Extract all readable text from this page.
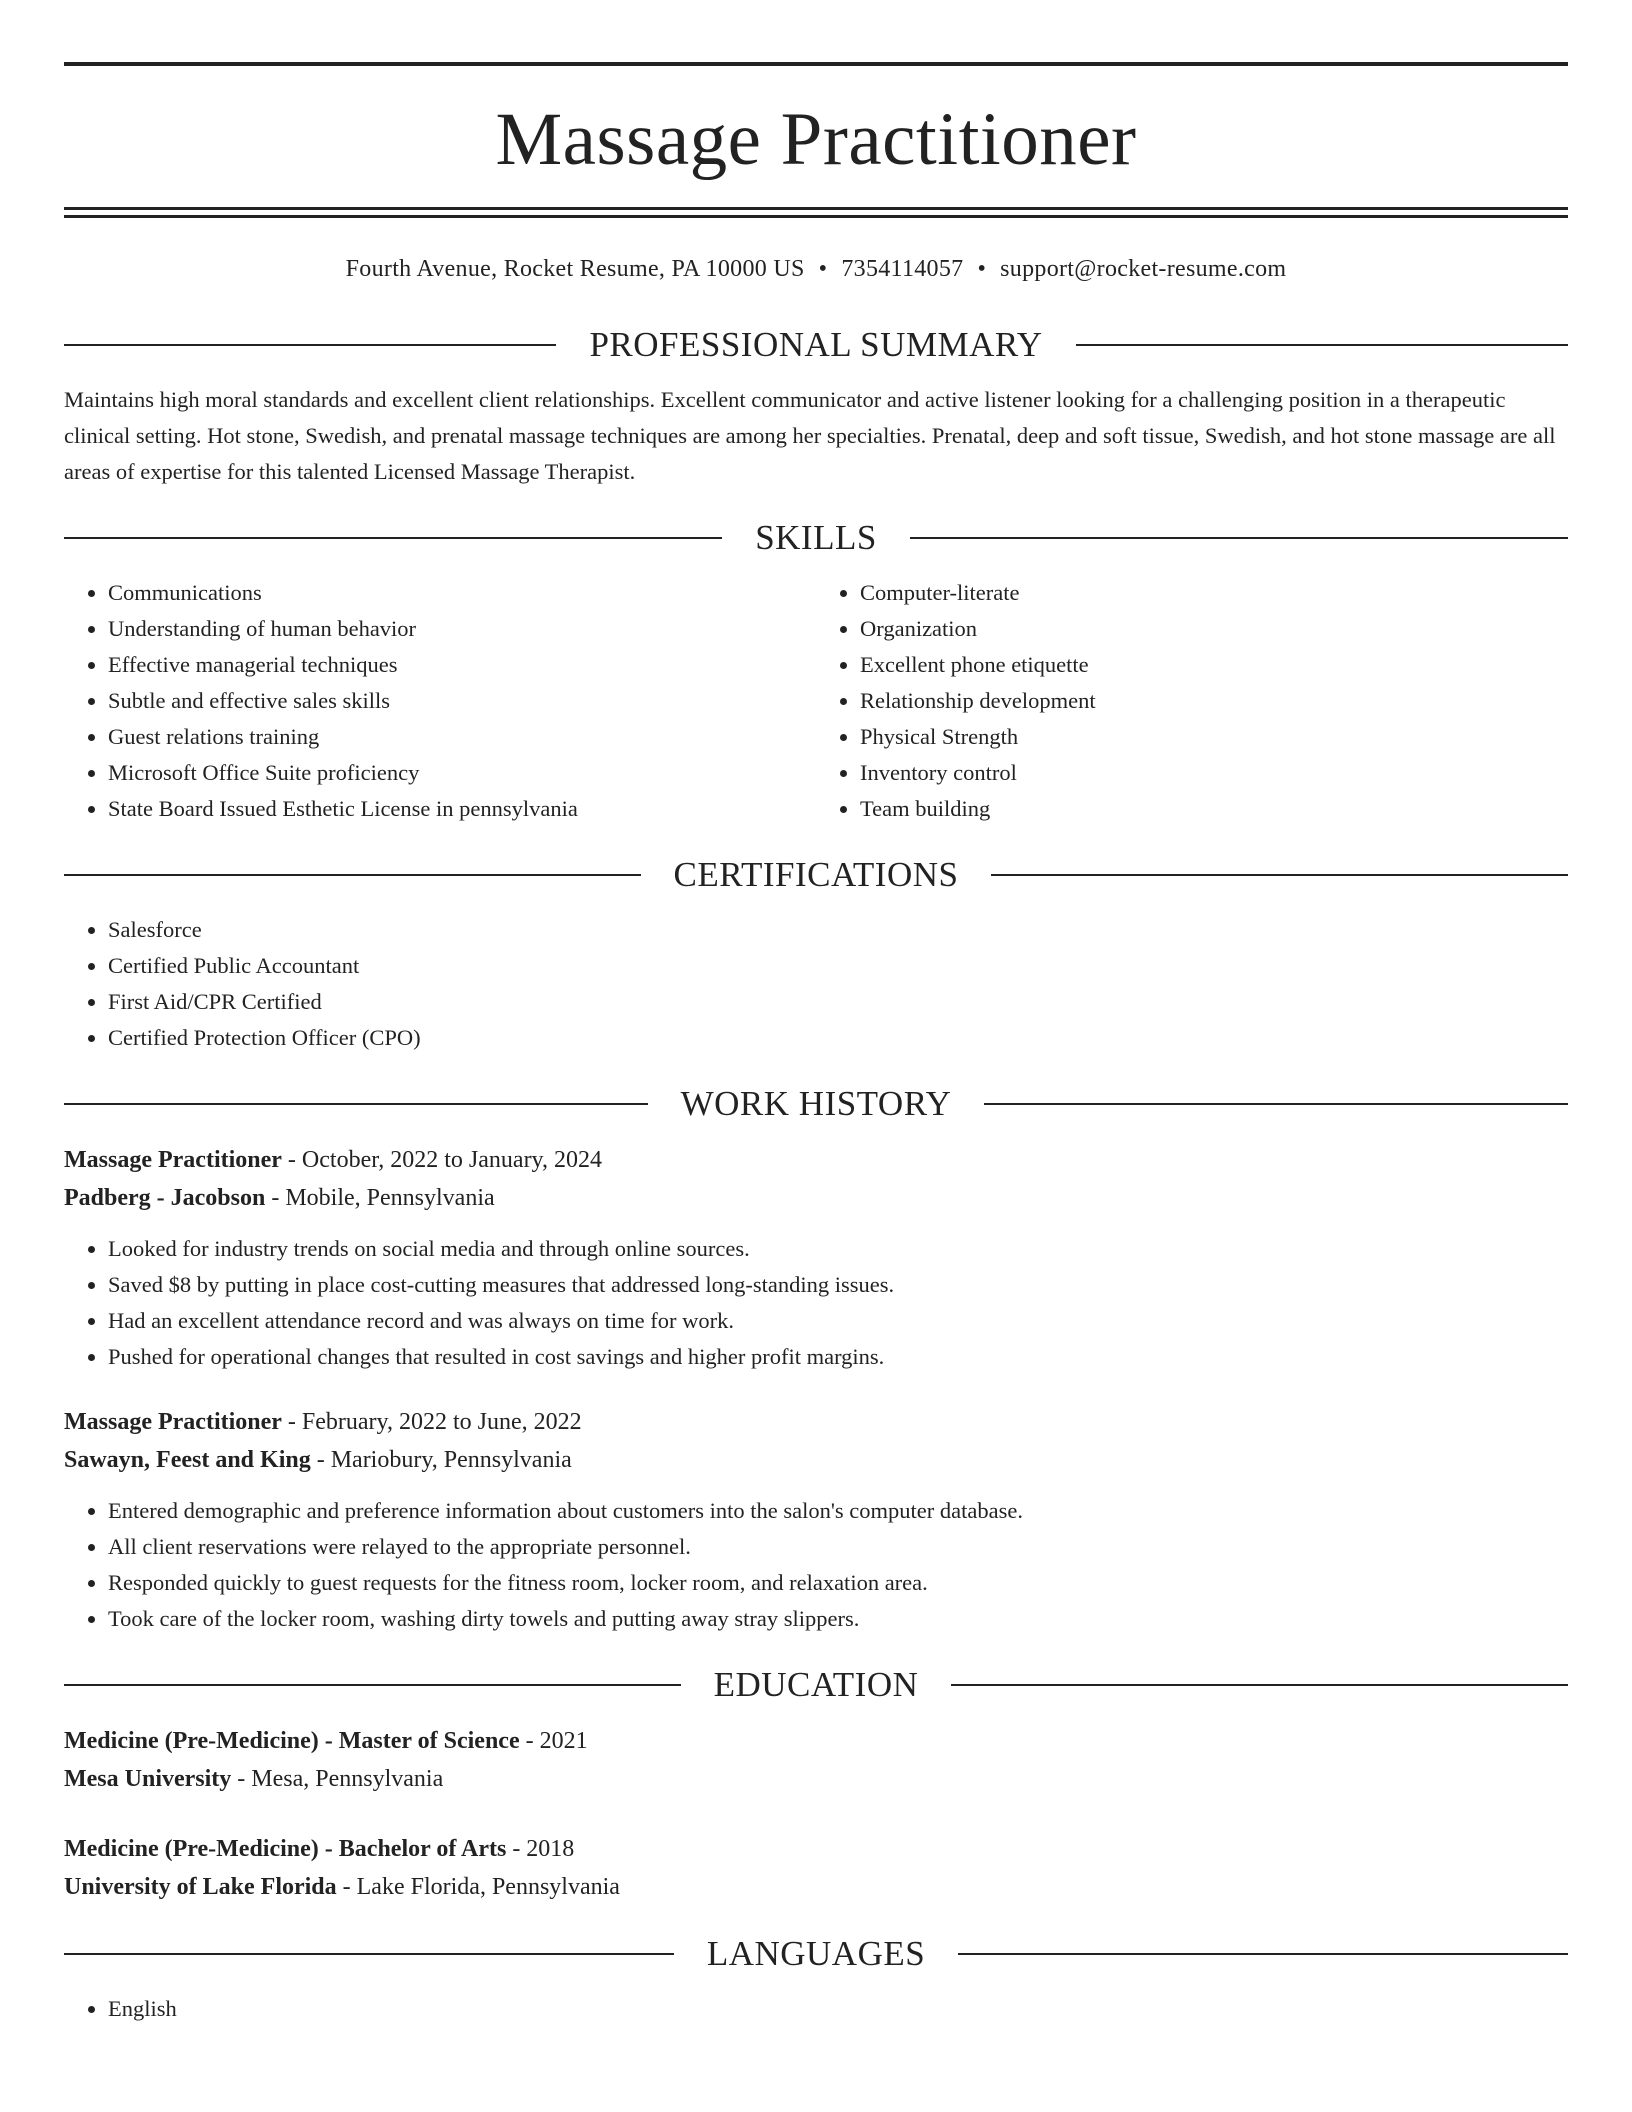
Massage Practitioner
Fourth Avenue, Rocket Resume, PA 10000 US • 7354114057 • support@rocket-resume.com
PROFESSIONAL SUMMARY

Maintains high moral standards and excellent client relationships. Excellent communicator and active listener looking for a challenging position in a therapeutic clinical setting. Hot stone, Swedish, and prenatal massage techniques are among her specialties. Prenatal, deep and soft tissue, Swedish, and hot stone massage are all areas of expertise for this talented Licensed Massage Therapist.

SKILLS
• Communications
• Understanding of human behavior
• Effective managerial techniques
• Subtle and effective sales skills
• Guest relations training
• Microsoft Office Suite proficiency
• State Board Issued Esthetic License in pennsylvania
• Computer-literate
• Organization
• Excellent phone etiquette
• Relationship development
• Physical Strength
• Inventory control
• Team building
CERTIFICATIONS
• Salesforce
• Certified Public Accountant
• First Aid/CPR Certified
• Certified Protection Officer (CPO)
WORK HISTORY
Massage Practitioner - October, 2022 to January, 2024
Padberg - Jacobson - Mobile, Pennsylvania
• Looked for industry trends on social media and through online sources.
• Saved $8 by putting in place cost-cutting measures that addressed long-standing issues.
• Had an excellent attendance record and was always on time for work.
• Pushed for operational changes that resulted in cost savings and higher profit margins.
Massage Practitioner - February, 2022 to June, 2022
Sawayn, Feest and King - Mariobury, Pennsylvania
• Entered demographic and preference information about customers into the salon's computer database.
• All client reservations were relayed to the appropriate personnel.
• Responded quickly to guest requests for the fitness room, locker room, and relaxation area.
• Took care of the locker room, washing dirty towels and putting away stray slippers.
EDUCATION
Medicine (Pre-Medicine) - Master of Science - 2021
Mesa University - Mesa, Pennsylvania
Medicine (Pre-Medicine) - Bachelor of Arts - 2018
University of Lake Florida - Lake Florida, Pennsylvania
LANGUAGES
• English
